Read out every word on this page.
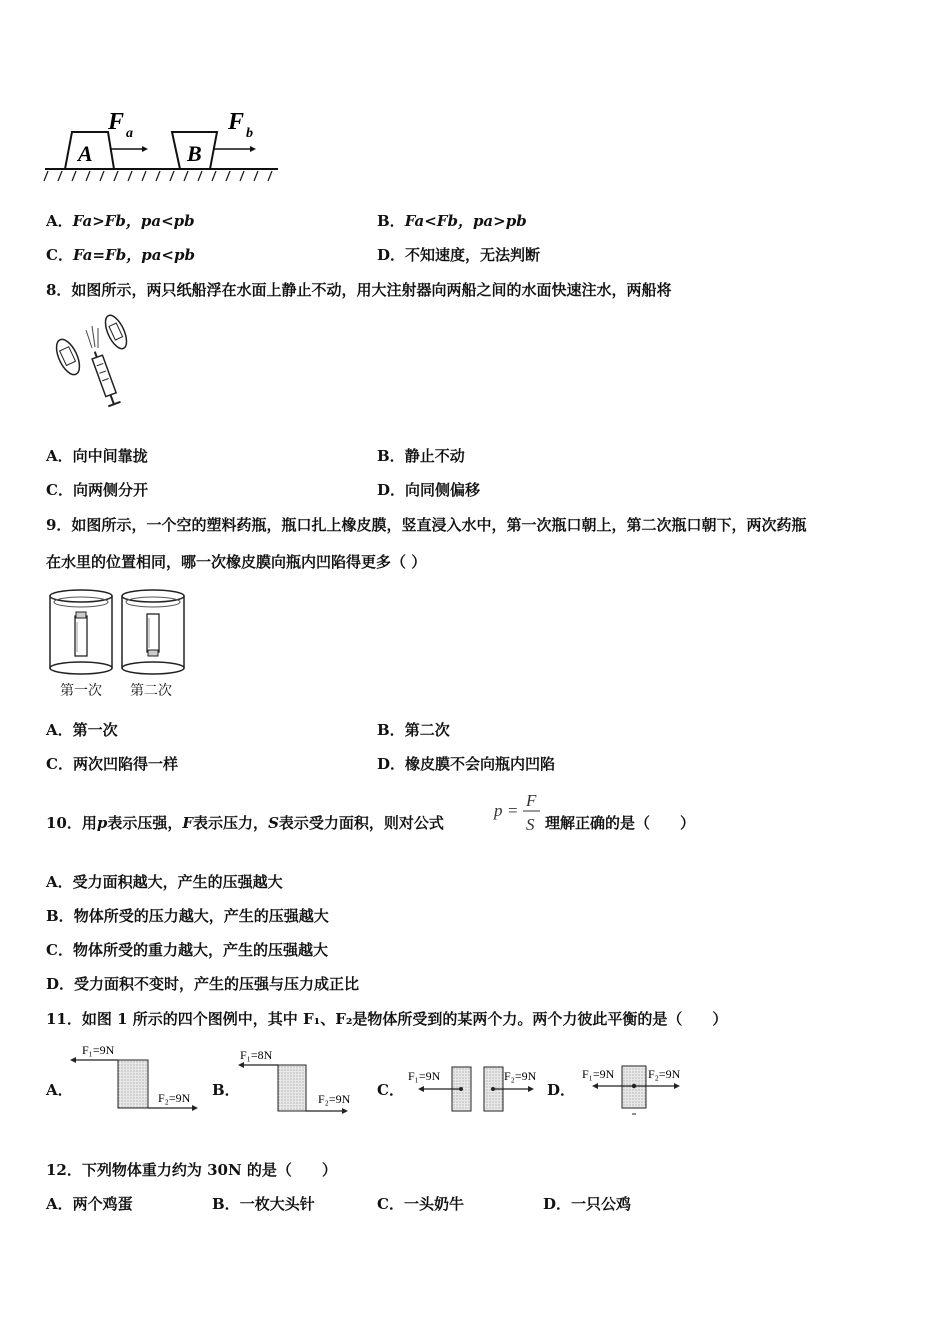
A
F a
B
F b
A．Fa>Fb，pa<pb	B．Fa<Fb，pa>pb
C．Fa=Fb，pa<pb	D．不知速度，无法判断
8．如图所示，两只纸船浮在水面上静止不动，用大注射器向两船之间的水面快速注水，两船将
A．向中间靠拢	B．静止不动
C．向两侧分开	D．向同侧偏移
9．如图所示，一个空的塑料药瓶，瓶口扎上橡皮膜，竖直浸入水中，第一次瓶口朝上，第二次瓶口朝下，两次药瓶
在水里的位置相同，哪一次橡皮膜向瓶内凹陷得更多（ ）
第一次 第二次
A．第一次	B．第二次
C．两次凹陷得一样	D．橡皮膜不会向瓶内凹陷
10．用p表示压强，F表示压力，S表示受力面积，则对公式
p =
F
S 理解正确的是（　　）
A．受力面积越大，产生的压强越大
B．物体所受的压力越大，产生的压强越大
C．物体所受的重力越大，产生的压强越大
D．受力面积不变时，产生的压强与压力成正比
11．如图 1 所示的四个图例中，其中 F₁、F₂是物体所受到的某两个力。两个力彼此平衡的是（　　）
A．
F₁=9N
F₂=9N B．
F₁=8N
F₂=9N C．
F₁=9N	F₂=9N
D．
F₁=9N	F₂=9N
12．下列物体重力约为 30N 的是（　　）
A．两个鸡蛋	B．一枚大头针	C．一头奶牛	D．一只公鸡
